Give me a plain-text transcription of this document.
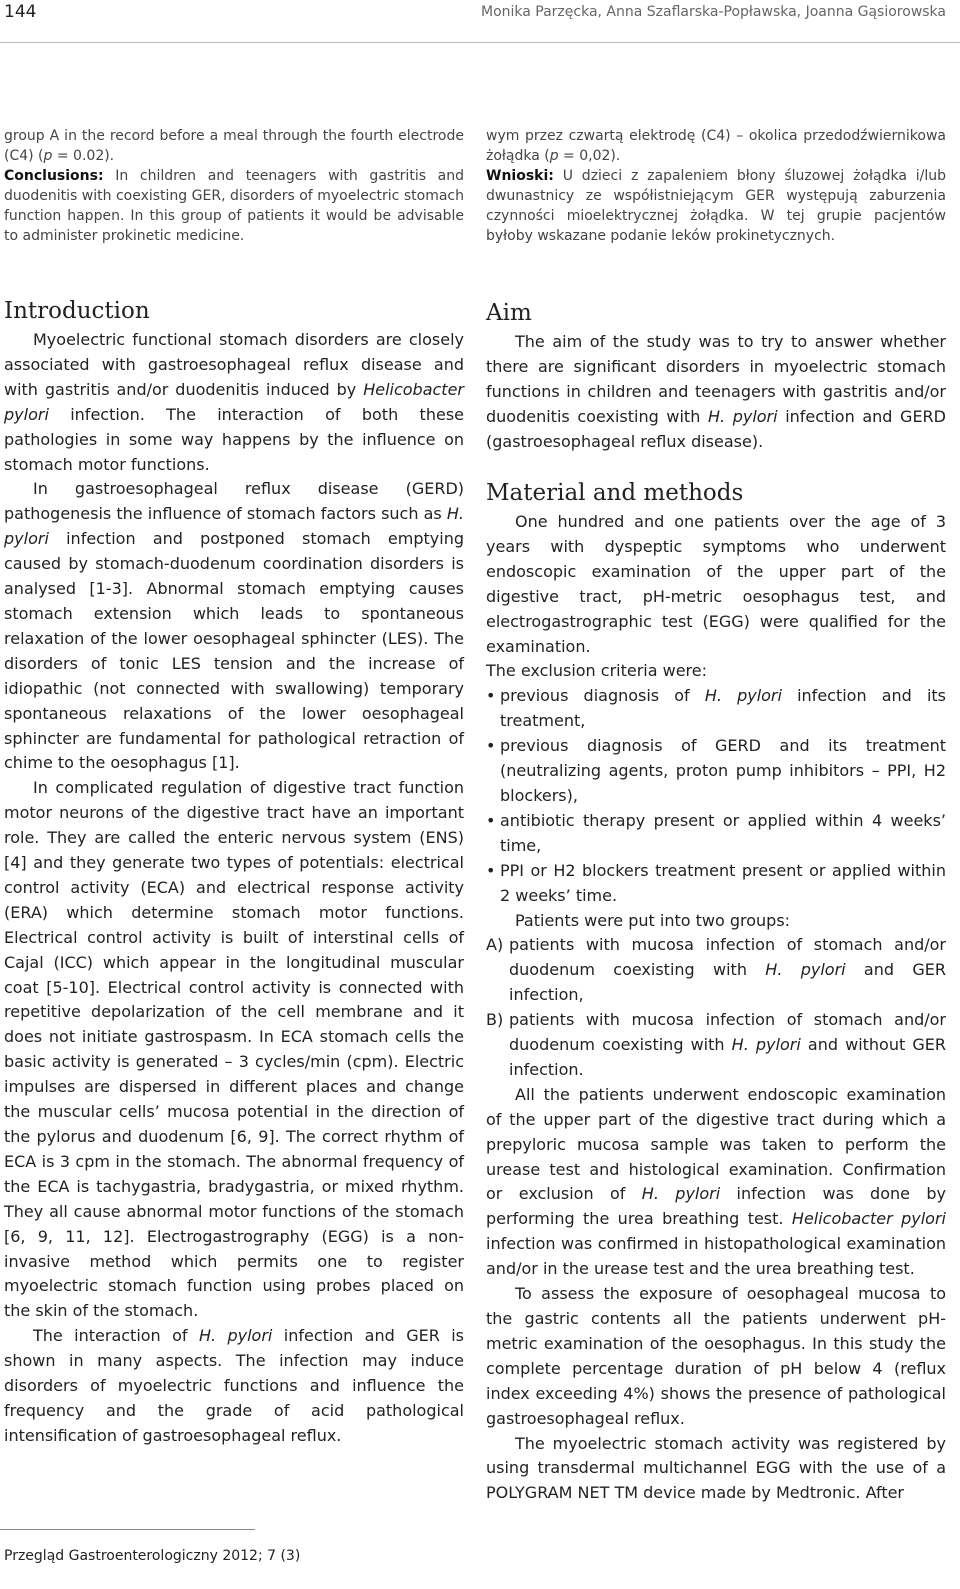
144	Monika Parzęcka, Anna Szaflarska-Popławska, Joanna Gąsiorowska

group A in the record before a meal through the fourth electrode (C4) (p = 0.02).

Conclusions: In children and teenagers with gastritis and duodenitis with coexisting GER, disorders of myoelectric stomach function happen. In this group of patients it would be advisable to administer prokinetic medicine.

wym przez czwartą elektrodę (C4) – okolica przedodźwiernikowa żołądka (p = 0,02).

Wnioski: U dzieci z zapaleniem błony śluzowej żołądka i/lub dwunastnicy ze współistniejącym GER występują zaburzenia czynności mioelektrycznej żołądka. W tej grupie pacjentów byłoby wskazane podanie leków prokinetycznych.

Introduction

Myoelectric functional stomach disorders are closely associated with gastroesophageal reflux disease and with gastritis and/or duodenitis induced by Helicobacter pylori infection. The interaction of both these pathologies in some way happens by the influence on stomach motor functions.

In gastroesophageal reflux disease (GERD) pathogenesis the influence of stomach factors such as H. pylori infection and postponed stomach emptying caused by stomach-duodenum coordination disorders is analysed [1-3]. Abnormal stomach emptying causes stomach extension which leads to spontaneous relaxation of the lower oesophageal sphincter (LES). The disorders of tonic LES tension and the increase of idiopathic (not connected with swallowing) temporary spontaneous relaxations of the lower oesophageal sphincter are fundamental for pathological retraction of chime to the oesophagus [1].

In complicated regulation of digestive tract function motor neurons of the digestive tract have an important role. They are called the enteric nervous system (ENS) [4] and they generate two types of potentials: electrical control activity (ECA) and electrical response activity (ERA) which determine stomach motor functions. Electrical control activity is built of interstinal cells of Cajal (ICC) which appear in the longitudinal muscular coat [5-10]. Electrical control activity is connected with repetitive depolarization of the cell membrane and it does not initiate gastrospasm. In ECA stomach cells the basic activity is generated – 3 cycles/min (cpm). Electric impulses are dispersed in different places and change the muscular cells’ mucosa potential in the direction of the pylorus and duodenum [6, 9]. The correct rhythm of ECA is 3 cpm in the stomach. The abnormal frequency of the ECA is tachygastria, bradygastria, or mixed rhythm. They all cause abnormal motor functions of the stomach [6, 9, 11, 12]. Electrogastrography (EGG) is a non-invasive method which permits one to register myoelectric stomach function using probes placed on the skin of the stomach.

The interaction of H. pylori infection and GER is shown in many aspects. The infection may induce disorders of myoelectric functions and influence the frequency and the grade of acid pathological intensification of gastroesophageal reflux.

Aim

The aim of the study was to try to answer whether there are significant disorders in myoelectric stomach functions in children and teenagers with gastritis and/or duodenitis coexisting with H. pylori infection and GERD (gastroesophageal reflux disease).

Material and methods

One hundred and one patients over the age of 3 years with dyspeptic symptoms who underwent endoscopic examination of the upper part of the digestive tract, pH-metric oesophagus test, and electrogastrographic test (EGG) were qualified for the examination.

The exclusion criteria were:

• previous diagnosis of H. pylori infection and its treatment,
• previous diagnosis of GERD and its treatment (neutralizing agents, proton pump inhibitors – PPI, H2 blockers),
• antibiotic therapy present or applied within 4 weeks’ time,
• PPI or H2 blockers treatment present or applied within 2 weeks’ time.

Patients were put into two groups:

A) patients with mucosa infection of stomach and/or duodenum coexisting with H. pylori and GER infection,
B) patients with mucosa infection of stomach and/or duodenum coexisting with H. pylori and without GER infection.

All the patients underwent endoscopic examination of the upper part of the digestive tract during which a prepyloric mucosa sample was taken to perform the urease test and histological examination. Confirmation or exclusion of H. pylori infection was done by performing the urea breathing test. Helicobacter pylori infection was confirmed in histopathological examination and/or in the urease test and the urea breathing test.

To assess the exposure of oesophageal mucosa to the gastric contents all the patients underwent pH-metric examination of the oesophagus. In this study the complete percentage duration of pH below 4 (reflux index exceeding 4%) shows the presence of pathological gastroesophageal reflux.

The myoelectric stomach activity was registered by using transdermal multichannel EGG with the use of a POLYGRAM NET TM device made by Medtronic. After

Przegląd Gastroenterologiczny 2012; 7 (3)
